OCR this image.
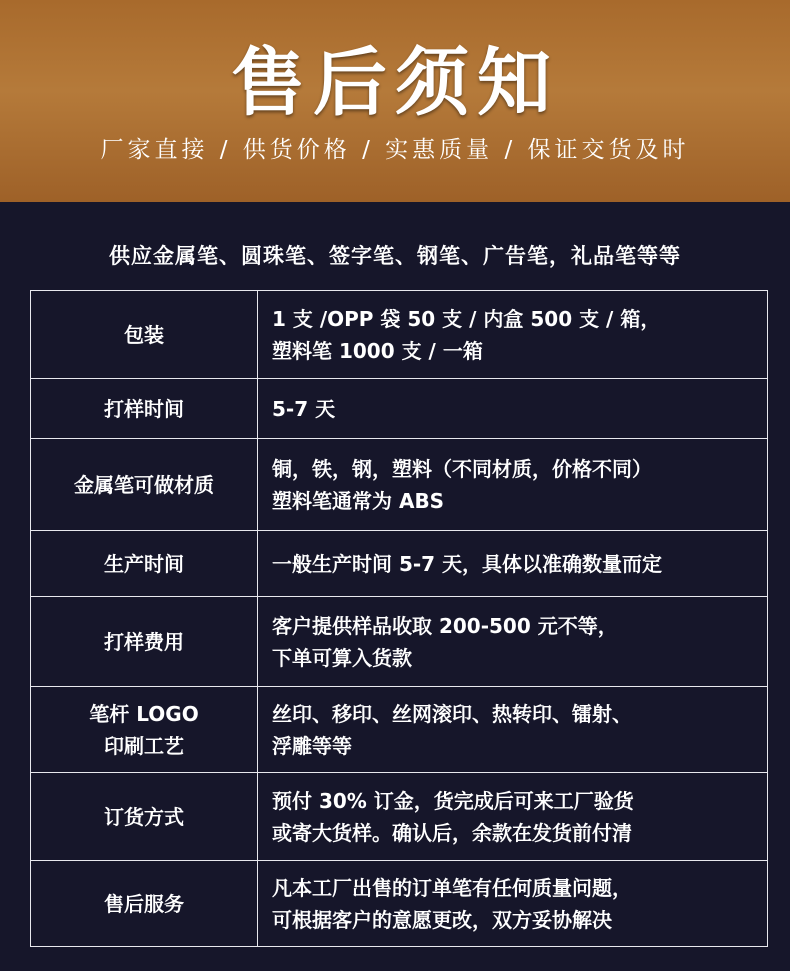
售后须知
厂家直接 / 供货价格 / 实惠质量 / 保证交货及时
供应金属笔、圆珠笔、签字笔、钢笔、广告笔，礼品笔等等
包装	1 支 /OPP 袋 50 支 / 内盒 500 支 / 箱，
塑料笔 1000 支 / 一箱

打样时间	5-7 天

金属笔可做材质	铜，铁，钢，塑料（不同材质，价格不同）
塑料笔通常为 ABS

生产时间	一般生产时间 5-7 天，具体以准确数量而定

打样费用	客户提供样品收取 200-500 元不等，
下单可算入货款

笔杆 LOGO
印刷工艺	丝印、移印、丝网滚印、热转印、镭射、
浮雕等等

订货方式	预付 30% 订金，货完成后可来工厂验货
或寄大货样。确认后，余款在发货前付清

售后服务	凡本工厂出售的订单笔有任何质量问题，
可根据客户的意愿更改，双方妥协解决
